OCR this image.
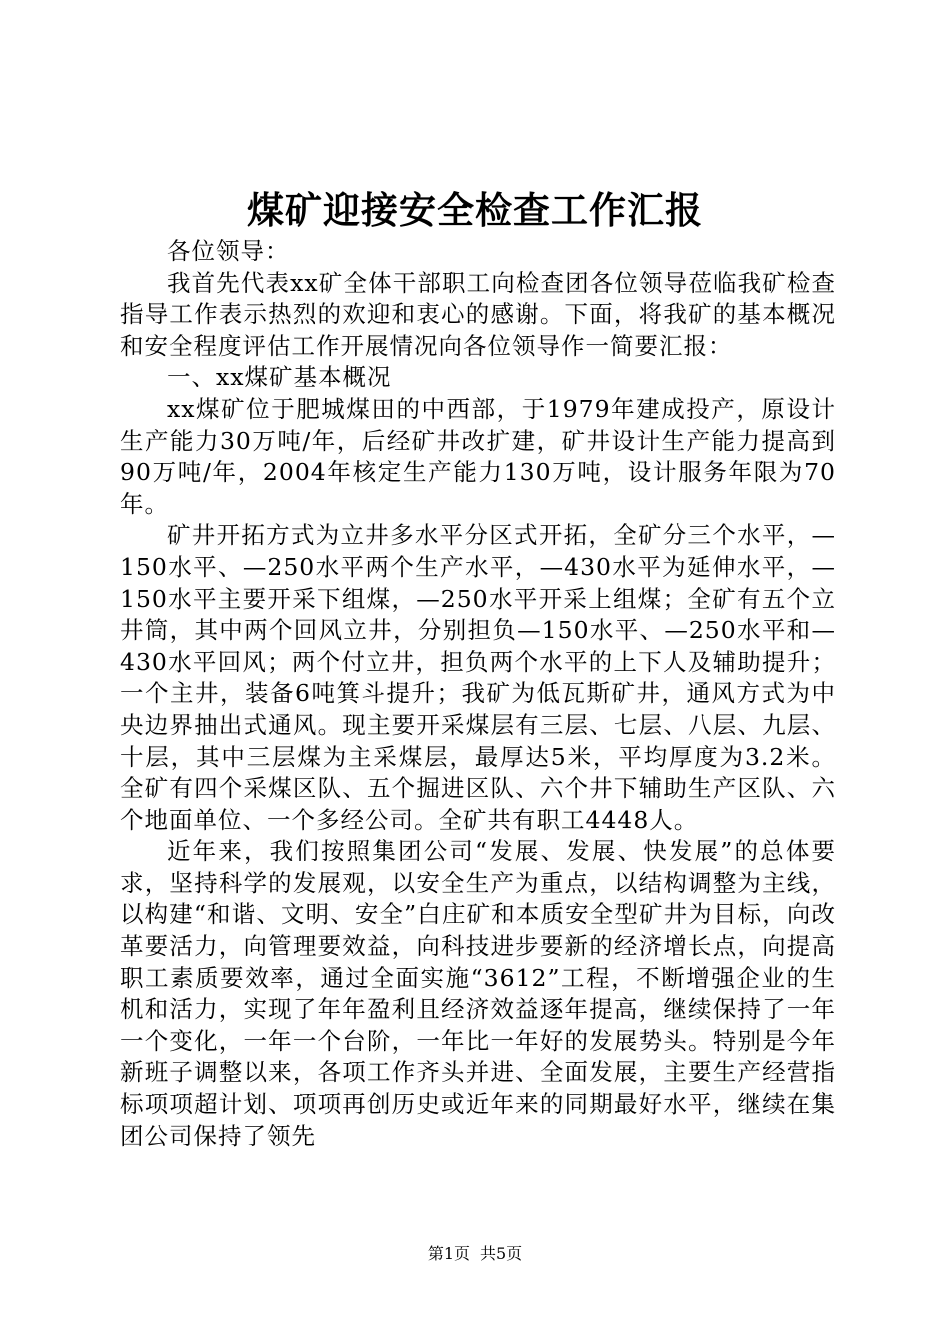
煤矿迎接安全检查工作汇报

各位领导：

我首先代表xx矿全体干部职工向检查团各位领导莅临我矿检查指导工作表示热烈的欢迎和衷心的感谢。下面，将我矿的基本概况和安全程度评估工作开展情况向各位领导作一简要汇报：

一、xx煤矿基本概况

xx煤矿位于肥城煤田的中西部，于1979年建成投产，原设计生产能力30万吨/年，后经矿井改扩建，矿井设计生产能力提高到90万吨/年，2004年核定生产能力130万吨，设计服务年限为70年。

矿井开拓方式为立井多水平分区式开拓，全矿分三个水平，—150水平、—250水平两个生产水平，—430水平为延伸水平，—150水平主要开采下组煤，—250水平开采上组煤；全矿有五个立井筒，其中两个回风立井，分别担负—150水平、—250水平和—430水平回风；两个付立井，担负两个水平的上下人及辅助提升；一个主井，装备6吨箕斗提升；我矿为低瓦斯矿井，通风方式为中央边界抽出式通风。现主要开采煤层有三层、七层、八层、九层、十层，其中三层煤为主采煤层，最厚达5米，平均厚度为3.2米。全矿有四个采煤区队、五个掘进区队、六个井下辅助生产区队、六个地面单位、一个多经公司。全矿共有职工4448人。

近年来，我们按照集团公司“发展、发展、快发展”的总体要求，坚持科学的发展观，以安全生产为重点，以结构调整为主线，以构建“和谐、文明、安全”白庄矿和本质安全型矿井为目标，向改革要活力，向管理要效益，向科技进步要新的经济增长点，向提高职工素质要效率，通过全面实施“3612”工程，不断增强企业的生机和活力，实现了年年盈利且经济效益逐年提高，继续保持了一年一个变化，一年一个台阶，一年比一年好的发展势头。特别是今年新班子调整以来，各项工作齐头并进、全面发展，主要生产经营指标项项超计划、项项再创历史或近年来的同期最好水平，继续在集团公司保持了领先

第1页 共5页
